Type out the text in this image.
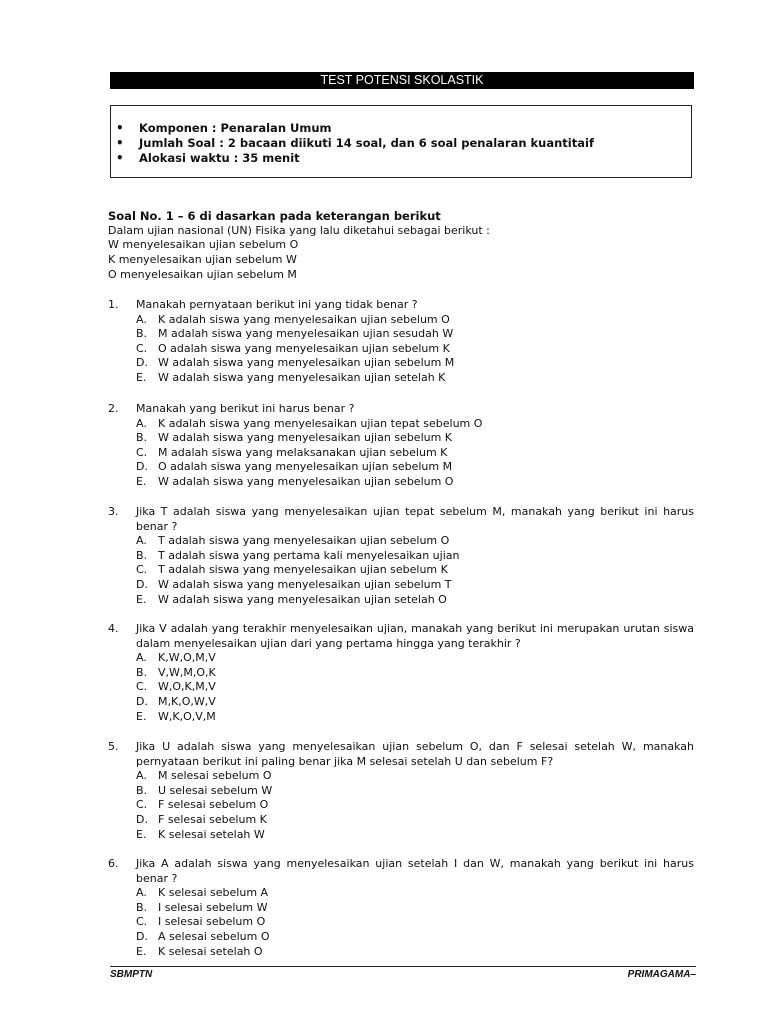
TEST POTENSI SKOLASTIK
• Komponen : Penaralan Umum
• Jumlah Soal : 2 bacaan diikuti 14 soal, dan 6 soal penalaran kuantitaif
• Alokasi waktu : 35 menit
Soal No. 1 – 6 di dasarkan pada keterangan berikut
Dalam ujian nasional (UN) Fisika yang lalu diketahui sebagai berikut :
W menyelesaikan ujian sebelum O
K menyelesaikan ujian sebelum W
O menyelesaikan ujian sebelum M
1.	Manakah pernyataan berikut ini yang tidak benar ?
A.	K adalah siswa yang menyelesaikan ujian sebelum O
B. M adalah siswa yang menyelesaikan ujian sesudah W
C. O adalah siswa yang menyelesaikan ujian sebelum K
D. W adalah siswa yang menyelesaikan ujian sebelum M
E.	W adalah siswa yang menyelesaikan ujian setelah K
2.	Manakah yang berikut ini harus benar ?
A.	K adalah siswa yang menyelesaikan ujian tepat sebelum O
B. W adalah siswa yang menyelesaikan ujian sebelum K
C. M adalah siswa yang melaksanakan ujian sebelum K
D. O adalah siswa yang menyelesaikan ujian sebelum M
E.	W adalah siswa yang menyelesaikan ujian sebelum O
3.	Jika T adalah siswa yang menyelesaikan ujian tepat sebelum M, manakah yang berikut ini harus benar ?
A.	T adalah siswa yang menyelesaikan ujian sebelum O
B. T adalah siswa yang pertama kali menyelesaikan ujian
C. T adalah siswa yang menyelesaikan ujian sebelum K
D. W adalah siswa yang menyelesaikan ujian sebelum T
E.	W adalah siswa yang menyelesaikan ujian setelah O
4.	Jika V adalah yang terakhir menyelesaikan ujian, manakah yang berikut ini merupakan urutan siswa dalam menyelesaikan ujian dari yang pertama hingga yang terakhir ?
A.	K,W,O,M,V
B. V,W,M,O,K
C. W,O,K,M,V
D. M,K,O,W,V
E.	W,K,O,V,M
5.	Jika U adalah siswa yang menyelesaikan ujian sebelum O, dan F selesai setelah W, manakah pernyataan berikut ini paling benar jika M selesai setelah U dan sebelum F?
A.	M selesai sebelum O
B. U selesai sebelum W
C. F selesai sebelum O
D. F selesai sebelum K
E.	K selesai setelah W
6.	Jika A adalah siswa yang menyelesaikan ujian setelah I dan W, manakah yang berikut ini harus benar ?
A.	K selesai sebelum A
B. I selesai sebelum W
C. I selesai sebelum O
D. A selesai sebelum O
E.	K selesai setelah O
SBMPTN	PRIMAGAMA–
